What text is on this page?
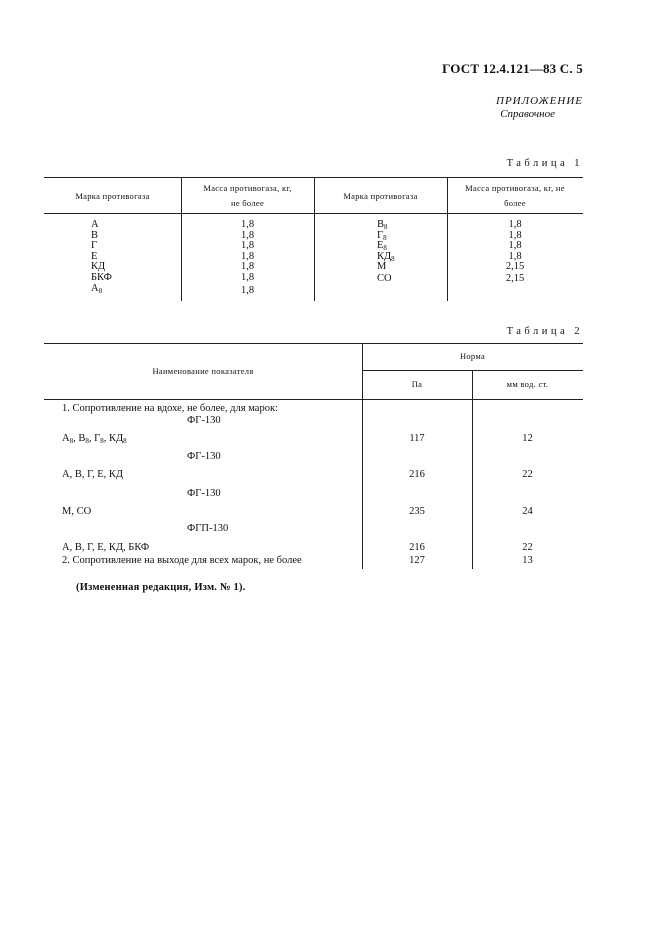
ГОСТ 12.4.121—83 С. 5
ПРИЛОЖЕНИЕ
Справочное
Таблица 1
Марка противогаза
Масса противогаза, кг, не более
Марка противогаза
Масса противогаза, кг, не более
А
В
Г
Е
КД
БКФ
$А_8$
1,8
1,8
1,8
1,8
1,8
1,8
1,8
$В_8$
$Г_8$
$Е_8$
$КД_8$
М
СО
1,8
1,8
1,8
1,8
2,15
2,15
Таблица 2
Наименование показателя
Норма
Па	мм вод. ст.
1. Сопротивление на вдохе, не более, для марок:
ФГ-130
$А_8$, $В_8$, $Г_8$, $КД_8$
ФГ-130
А, В, Г, Е, КД
ФГ-130
М, СО
ФГП-130
А, В, Г, Е, КД, БКФ
2. Сопротивление на выходе для всех марок, не более
117
216
235
216
127
12
22
24
22
13
(Измененная редакция, Изм. № 1).
